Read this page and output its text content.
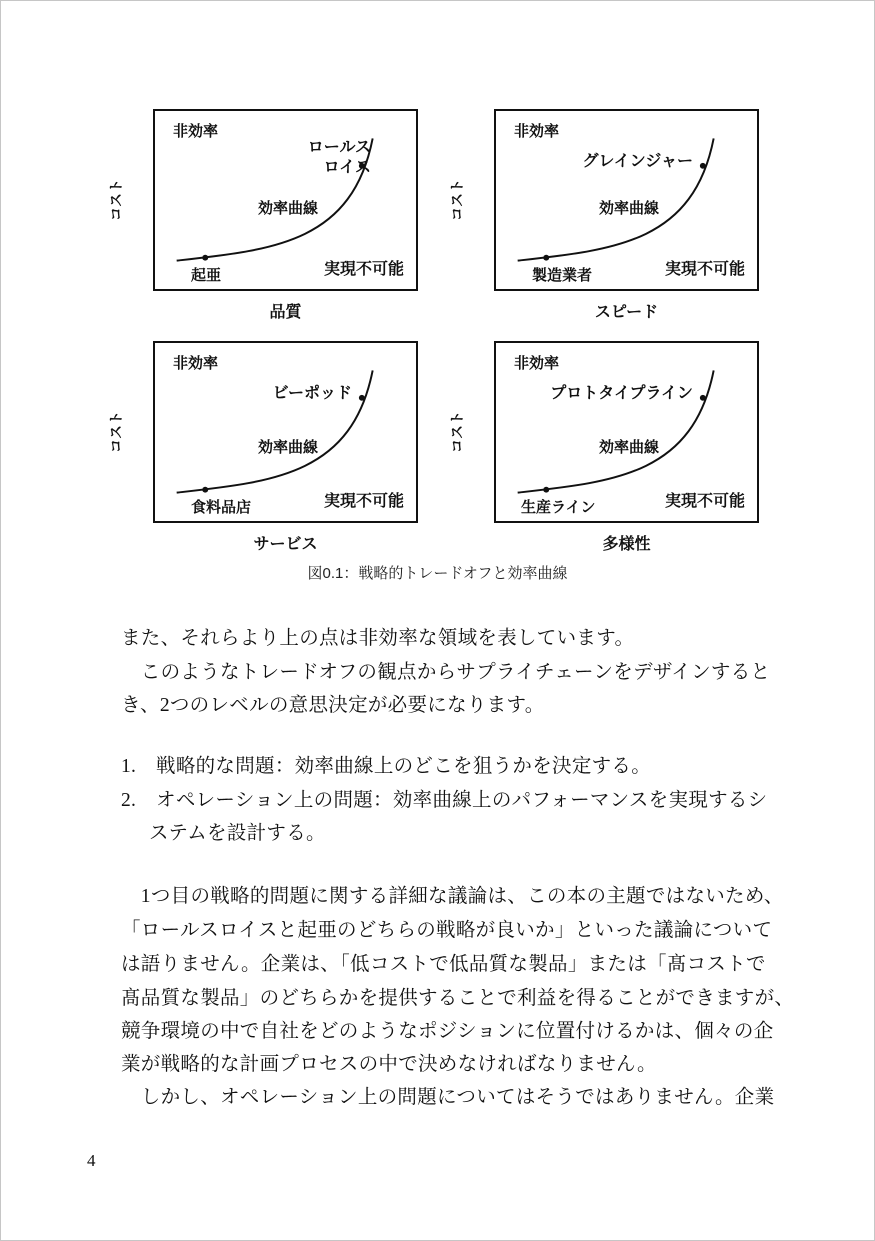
コスト
非効率
ロールス
ロイス
効率曲線
実現不可能
起亜
品質
コスト
非効率
グレインジャー
効率曲線
実現不可能
製造業者
スピード
コスト
非効率
ビーポッド
効率曲線
実現不可能
食料品店
サービス
コスト
非効率
プロトタイプライン
効率曲線
実現不可能
生産ライン
多様性
図0.1：戦略的トレードオフと効率曲線
また、それらより上の点は非効率な領域を表しています。
　このようなトレードオフの観点からサプライチェーンをデザインすると
き、2つのレベルの意思決定が必要になります。
1.　戦略的な問題：効率曲線上のどこを狙うかを決定する。
2.　オペレーション上の問題：効率曲線上のパフォーマンスを実現するシ
ステムを設計する。
　1つ目の戦略的問題に関する詳細な議論は、この本の主題ではないため、
「ロールスロイスと起亜のどちらの戦略が良いか」といった議論について
は語りません。企業は、「低コストで低品質な製品」または「髙コストで
髙品質な製品」のどちらかを提供することで利益を得ることができますが、
競争環境の中で自社をどのようなポジションに位置付けるかは、個々の企
業が戦略的な計画プロセスの中で決めなければなりません。
　しかし、オペレーション上の問題についてはそうではありません。企業
4
